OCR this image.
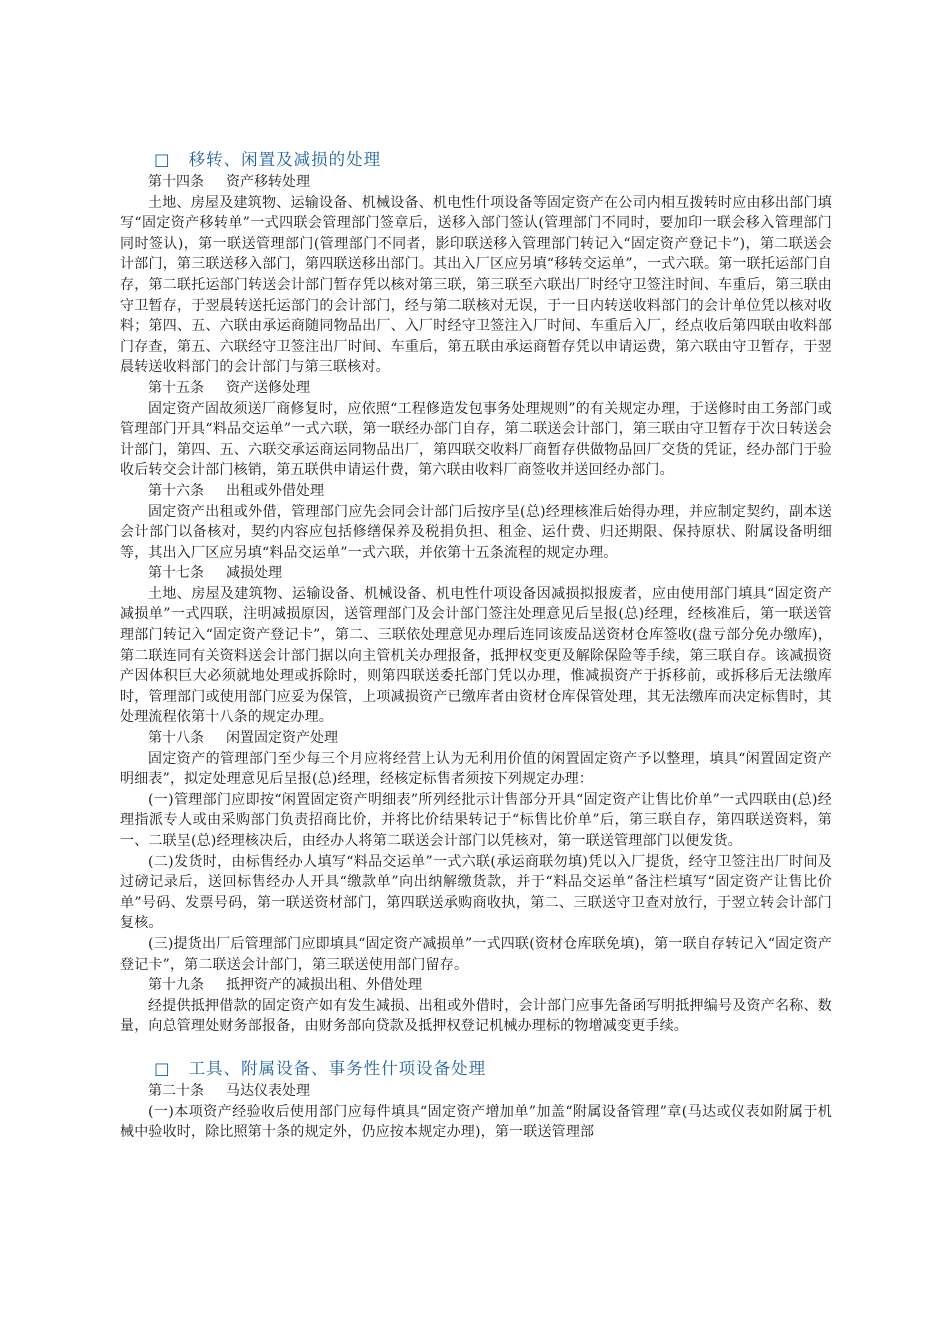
□ 移转、闲置及减损的处理

第十四条 资产移转处理

土地、房屋及建筑物、运输设备、机械设备、机电性什项设备等固定资产在公司内相互拨转时应由移出部门填写“固定资产移转单”一式四联会管理部门签章后，送移入部门签认(管理部门不同时，要加印一联会移入管理部门同时签认)，第一联送管理部门(管理部门不同者，影印联送移入管理部门转记入“固定资产登记卡”)，第二联送会计部门，第三联送移入部门，第四联送移出部门。其出入厂区应另填“移转交运单”，一式六联。第一联托运部门自存，第二联托运部门转送会计部门暂存凭以核对第三联，第三联至六联出厂时经守卫签注时间、车重后，第三联由守卫暂存，于翌晨转送托运部门的会计部门，经与第二联核对无误，于一日内转送收料部门的会计单位凭以核对收料；第四、五、六联由承运商随同物品出厂、入厂时经守卫签注入厂时间、车重后入厂，经点收后第四联由收料部门存查，第五、六联经守卫签注出厂时间、车重后，第五联由承运商暂存凭以申请运费，第六联由守卫暂存，于翌晨转送收料部门的会计部门与第三联核对。

第十五条 资产送修处理

固定资产固故须送厂商修复时，应依照“工程修造发包事务处理规则”的有关规定办理，于送修时由工务部门或管理部门开具“料品交运单”一式六联，第一联经办部门自存，第二联送会计部门，第三联由守卫暂存于次日转送会计部门，第四、五、六联交承运商运同物品出厂，第四联交收料厂商暂存供做物品回厂交货的凭证，经办部门于验收后转交会计部门核销，第五联供申请运什费，第六联由收料厂商签收并送回经办部门。

第十六条 出租或外借处理

固定资产出租或外借，管理部门应先会同会计部门后按序呈(总)经理核准后始得办理，并应制定契约，副本送会计部门以备核对，契约内容应包括修缮保养及税捐负担、租金、运什费、归还期限、保持原状、附属设备明细等，其出入厂区应另填“料品交运单”一式六联，并依第十五条流程的规定办理。

第十七条 减损处理

土地、房屋及建筑物、运输设备、机械设备、机电性什项设备因减损拟报废者，应由使用部门填具“固定资产减损单”一式四联，注明减损原因，送管理部门及会计部门签注处理意见后呈报(总)经理，经核准后，第一联送管理部门转记入“固定资产登记卡”，第二、三联依处理意见办理后连同该废品送资材仓库签收(盘亏部分免办缴库)，第二联连同有关资料送会计部门据以向主管机关办理报备，抵押权变更及解除保险等手续，第三联自存。该减损资产因体积巨大必须就地处理或拆除时，则第四联送委托部门凭以办理，惟减损资产于拆移前，或拆移后无法缴库时，管理部门或使用部门应妥为保管，上项减损资产已缴库者由资材仓库保管处理，其无法缴库而决定标售时，其处理流程依第十八条的规定办理。

第十八条 闲置固定资产处理

固定资产的管理部门至少每三个月应将经营上认为无利用价值的闲置固定资产予以整理，填具“闲置固定资产明细表”，拟定处理意见后呈报(总)经理，经核定标售者须按下列规定办理：

(一)管理部门应即按“闲置固定资产明细表”所列经批示计售部分开具“固定资产让售比价单”一式四联由(总)经理指派专人或由采购部门负责招商比价，并将比价结果转记于“标售比价单”后，第三联自存，第四联送资料，第一、二联呈(总)经理核决后，由经办人将第二联送会计部门以凭核对，第一联送管理部门以便发货。

(二)发货时，由标售经办人填写“料品交运单”一式六联(承运商联勿填)凭以入厂提货，经守卫签注出厂时间及过磅记录后，送回标售经办人开具“缴款单”向出纳解缴货款，并于“料品交运单”备注栏填写“固定资产让售比价单”号码、发票号码，第一联送资材部门，第四联送承购商收执，第二、三联送守卫查对放行，于翌立转会计部门复核。

(三)提货出厂后管理部门应即填具“固定资产减损单”一式四联(资材仓库联免填)，第一联自存转记入“固定资产登记卡”，第二联送会计部门，第三联送使用部门留存。

第十九条 抵押资产的减损出租、外借处理

经提供抵押借款的固定资产如有发生减损、出租或外借时，会计部门应事先备函写明抵押编号及资产名称、数量，向总管理处财务部报备，由财务部向贷款及抵押权登记机械办理标的物增减变更手续。

□ 工具、附属设备、事务性什项设备处理

第二十条 马达仪表处理

(一)本项资产经验收后使用部门应每件填具“固定资产增加单”加盖“附属设备管理”章(马达或仪表如附属于机械中验收时，除比照第十条的规定外，仍应按本规定办理)，第一联送管理部
